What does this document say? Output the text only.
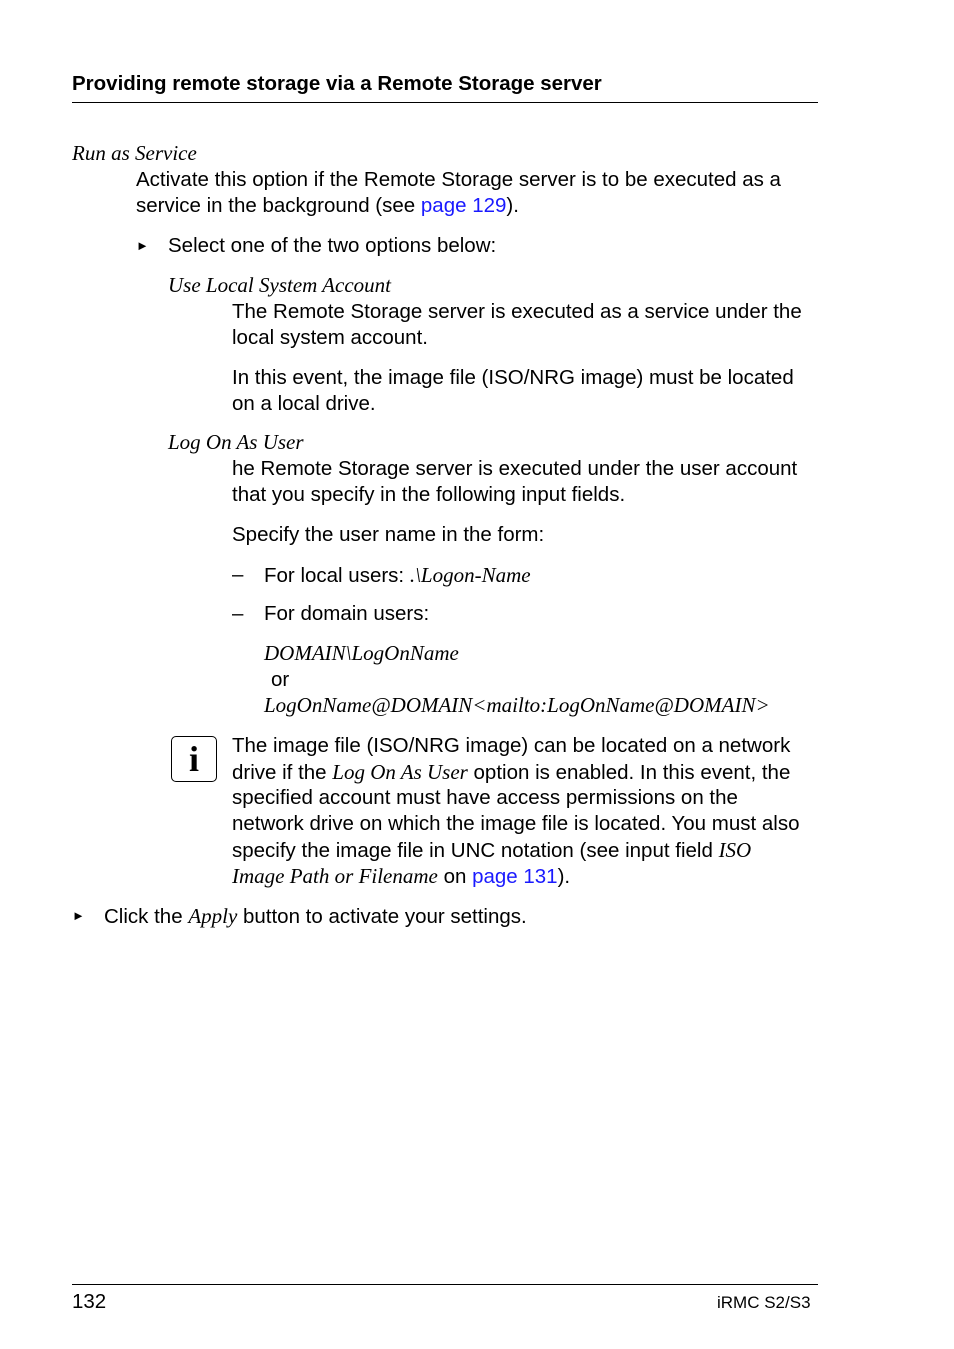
Providing remote storage via a Remote Storage server
Run as Service
Activate this option if the Remote Storage server is to be executed as a
service in the background (see page 129).
► Select one of the two options below:
Use Local System Account
The Remote Storage server is executed as a service under the
local system account.
In this event, the image file (ISO/NRG image) must be located
on a local drive.
Log On As User
he Remote Storage server is executed under the user account
that you specify in the following input fields.
Specify the user name in the form:
– For local users: .\Logon-Name
– For domain users:
DOMAIN\LogOnName
or
LogOnName@DOMAIN<mailto:LogOnName@DOMAIN>
i	The image file (ISO/NRG image) can be located on a network
drive if the Log On As User option is enabled. In this event, the
specified account must have access permissions on the
network drive on which the image file is located. You must also
specify the image file in UNC notation (see input field ISO
Image Path or Filename on page 131).
► Click the Apply button to activate your settings.
132	iRMC S2/S3
